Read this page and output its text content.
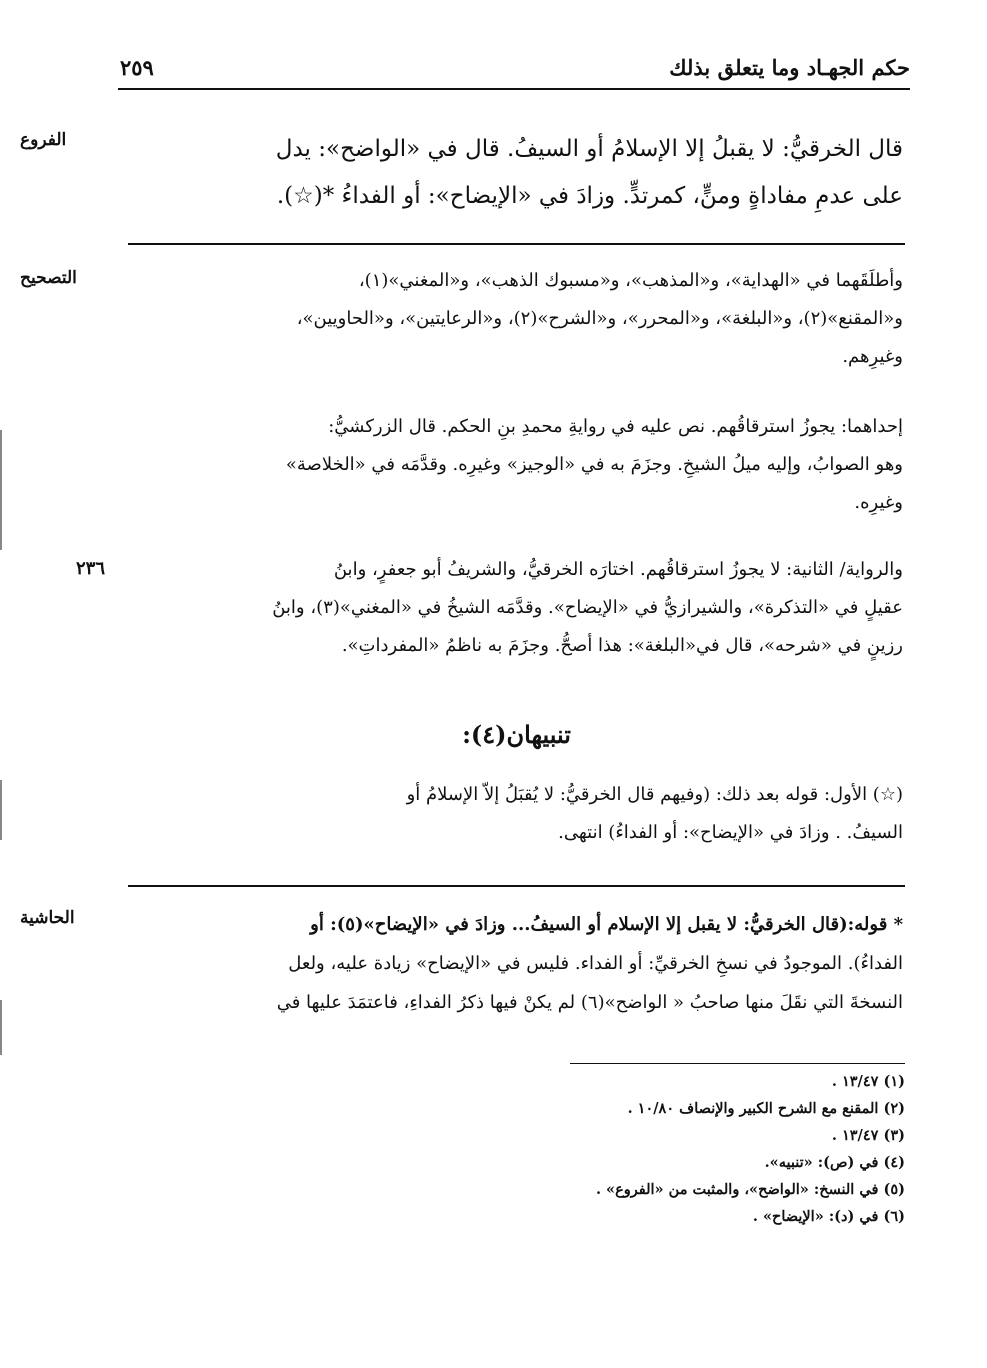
حكم الجهـاد وما يتعلق بذلك
٢٥٩
الفروع	قال الخرقيُّ: لا يقبلُ إلا الإسلامُ أو السيفُ. قال في «الواضح»: يدل
على عدمِ مفاداةٍ ومنٍّ، كمرتدٍّ. وزادَ في «الإيضاح»: أو الفداءُ *(☆).
التصحيح	وأطلَقَهما في «الهداية»، و«المذهب»، و«مسبوك الذهب»، و«المغني»(١)،

و«المقنع»(٢)، و«البلغة»، و«المحرر»، و«الشرح»(٢)، و«الرعايتين»، و«الحاويين»،

وغيرِهم.

إحداهما: يجوزُ استرقاقُهم. نص عليه في روايةِ محمدِ بنِ الحكم. قال الزركشيُّ:

وهو الصوابُ، وإليه ميلُ الشيخِ. وجزَمَ به في «الوجيز» وغيرِه. وقدَّمَه في «الخلاصة»

وغيرِه.

٢٣٦	والرواية/ الثانية: لا يجوزُ استرقاقُهم. اختارَه الخرقيُّ، والشريفُ أبو جعفرٍ، وابنُ

عقيلٍ في «التذكرة»، والشيرازيُّ في «الإيضاح». وقدَّمَه الشيخُ في «المغني»(٣)، وابنُ

رزينٍ في «شرحه»، قال في«البلغة»: هذا أصحُّ. وجزَمَ به ناظمُ «المفرداتِ».

تنبيهان(٤):

(☆) الأول: قوله بعد ذلك: (وفيهم قال الخرقيُّ: لا يُقبَلُ إلاّ الإسلامُ أو

السيفُ. . وزادَ في «الإيضاح»: أو الفداءُ) انتهى.

الحاشية	* قوله:(قال الخرقيُّ: لا يقبل إلا الإسلام أو السيفُ... وزادَ في «الإيضاح»(٥): أو
الفداءُ). الموجودُ في نسخِ الخرقيِّ: أو الفداء. فليس في «الإيضاح» زيادة عليه، ولعل
النسخةَ التي نقَلَ منها صاحبُ « الواضح»(٦) لم يكنْ فيها ذكرُ الفداءِ، فاعتمَدَ عليها في
(١) ١٣/٤٧ .
(٢) المقنع مع الشرح الكبير والإنصاف ١٠/٨٠ .
(٣) ١٣/٤٧ .
(٤) في (ص): «تنبيه».
(٥) في النسخ: «الواضح»، والمثبت من «الفروع» .
(٦) في (د): «الإيضاح» .
